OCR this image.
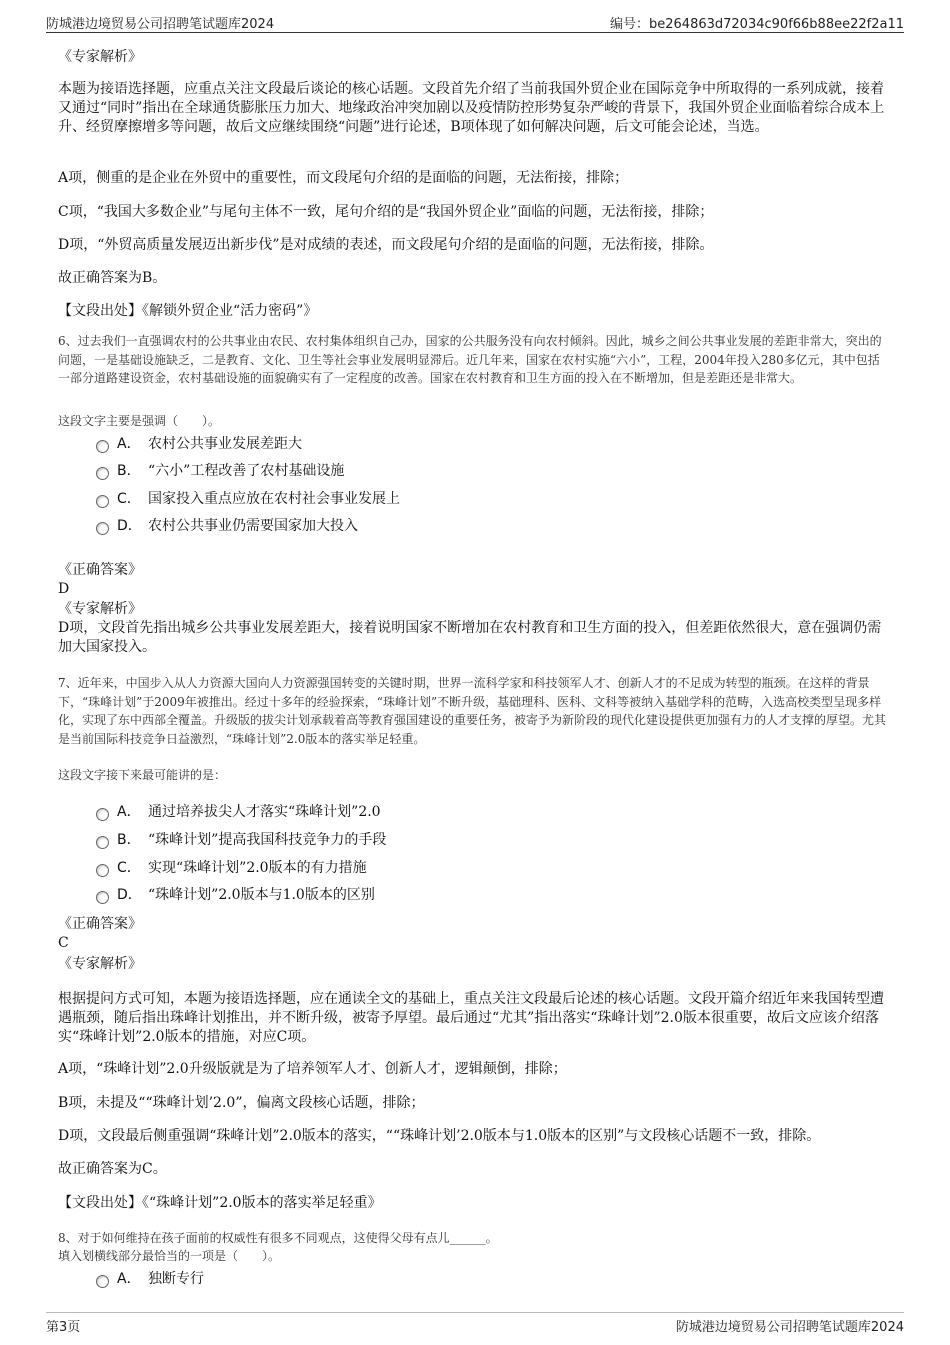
防城港边境贸易公司招聘笔试题库2024	编号：be264863d72034c90f66b88ee22f2a11

《专家解析》

本题为接语选择题，应重点关注文段最后谈论的核心话题。文段首先介绍了当前我国外贸企业在国际竞争中所取得的一系列成就，接着又通过“同时”指出在全球通货膨胀压力加大、地缘政治冲突加剧以及疫情防控形势复杂严峻的背景下，我国外贸企业面临着综合成本上升、经贸摩擦增多等问题，故后文应继续围绕“问题”进行论述，B项体现了如何解决问题，后文可能会论述，当选。

A项，侧重的是企业在外贸中的重要性，而文段尾句介绍的是面临的问题，无法衔接，排除；

C项，“我国大多数企业”与尾句主体不一致，尾句介绍的是“我国外贸企业”面临的问题，无法衔接，排除；

D项，“外贸高质量发展迈出新步伐”是对成绩的表述，而文段尾句介绍的是面临的问题，无法衔接，排除。

故正确答案为B。

【文段出处】《解锁外贸企业“活力密码”》

6、过去我们一直强调农村的公共事业由农民、农村集体组织自己办，国家的公共服务没有向农村倾斜。因此，城乡之间公共事业发展的差距非常大，突出的问题，一是基础设施缺乏，二是教育、文化、卫生等社会事业发展明显滞后。近几年来，国家在农村实施“六小”，工程，2004年投入280多亿元，其中包括一部分道路建设资金，农村基础设施的面貌确实有了一定程度的改善。国家在农村教育和卫生方面的投入在不断增加，但是差距还是非常大。

这段文字主要是强调（　　）。

A． 农村公共事业发展差距大
B． “六小”工程改善了农村基础设施
C． 国家投入重点应放在农村社会事业发展上
D． 农村公共事业仍需要国家加大投入

《正确答案》

D

《专家解析》

D项，文段首先指出城乡公共事业发展差距大，接着说明国家不断增加在农村教育和卫生方面的投入，但差距依然很大，意在强调仍需加大国家投入。

7、近年来，中国步入从人力资源大国向人力资源强国转变的关键时期，世界一流科学家和科技领军人才、创新人才的不足成为转型的瓶颈。在这样的背景下，“珠峰计划”于2009年被推出。经过十多年的经验探索，“珠峰计划”不断升级，基础理科、医科、文科等被纳入基础学科的范畴，入选高校类型呈现多样化，实现了东中西部全覆盖。升级版的拔尖计划承载着高等教育强国建设的重要任务，被寄予为新阶段的现代化建设提供更加强有力的人才支撑的厚望。尤其是当前国际科技竞争日益激烈，“珠峰计划”2.0版本的落实举足轻重。

这段文字接下来最可能讲的是：

A． 通过培养拔尖人才落实“珠峰计划”2.0
B． “珠峰计划”提高我国科技竞争力的手段
C． 实现“珠峰计划”2.0版本的有力措施
D． “珠峰计划”2.0版本与1.0版本的区别

《正确答案》

C

《专家解析》

根据提问方式可知，本题为接语选择题，应在通读全文的基础上，重点关注文段最后论述的核心话题。文段开篇介绍近年来我国转型遭遇瓶颈，随后指出珠峰计划推出，并不断升级，被寄予厚望。最后通过“尤其”指出落实“珠峰计划”2.0版本很重要，故后文应该介绍落实“珠峰计划”2.0版本的措施，对应C项。

A项，“珠峰计划”2.0升级版就是为了培养领军人才、创新人才，逻辑颠倒，排除；

B项，未提及““珠峰计划’2.0”，偏离文段核心话题，排除；

D项，文段最后侧重强调“珠峰计划”2.0版本的落实，““珠峰计划’2.0版本与1.0版本的区别”与文段核心话题不一致，排除。

故正确答案为C。

【文段出处】《“珠峰计划”2.0版本的落实举足轻重》

8、对于如何维持在孩子面前的权威性有很多不同观点，这使得父母有点儿______。

填入划横线部分最恰当的一项是（　　）。

A． 独断专行
第3页	防城港边境贸易公司招聘笔试题库2024
